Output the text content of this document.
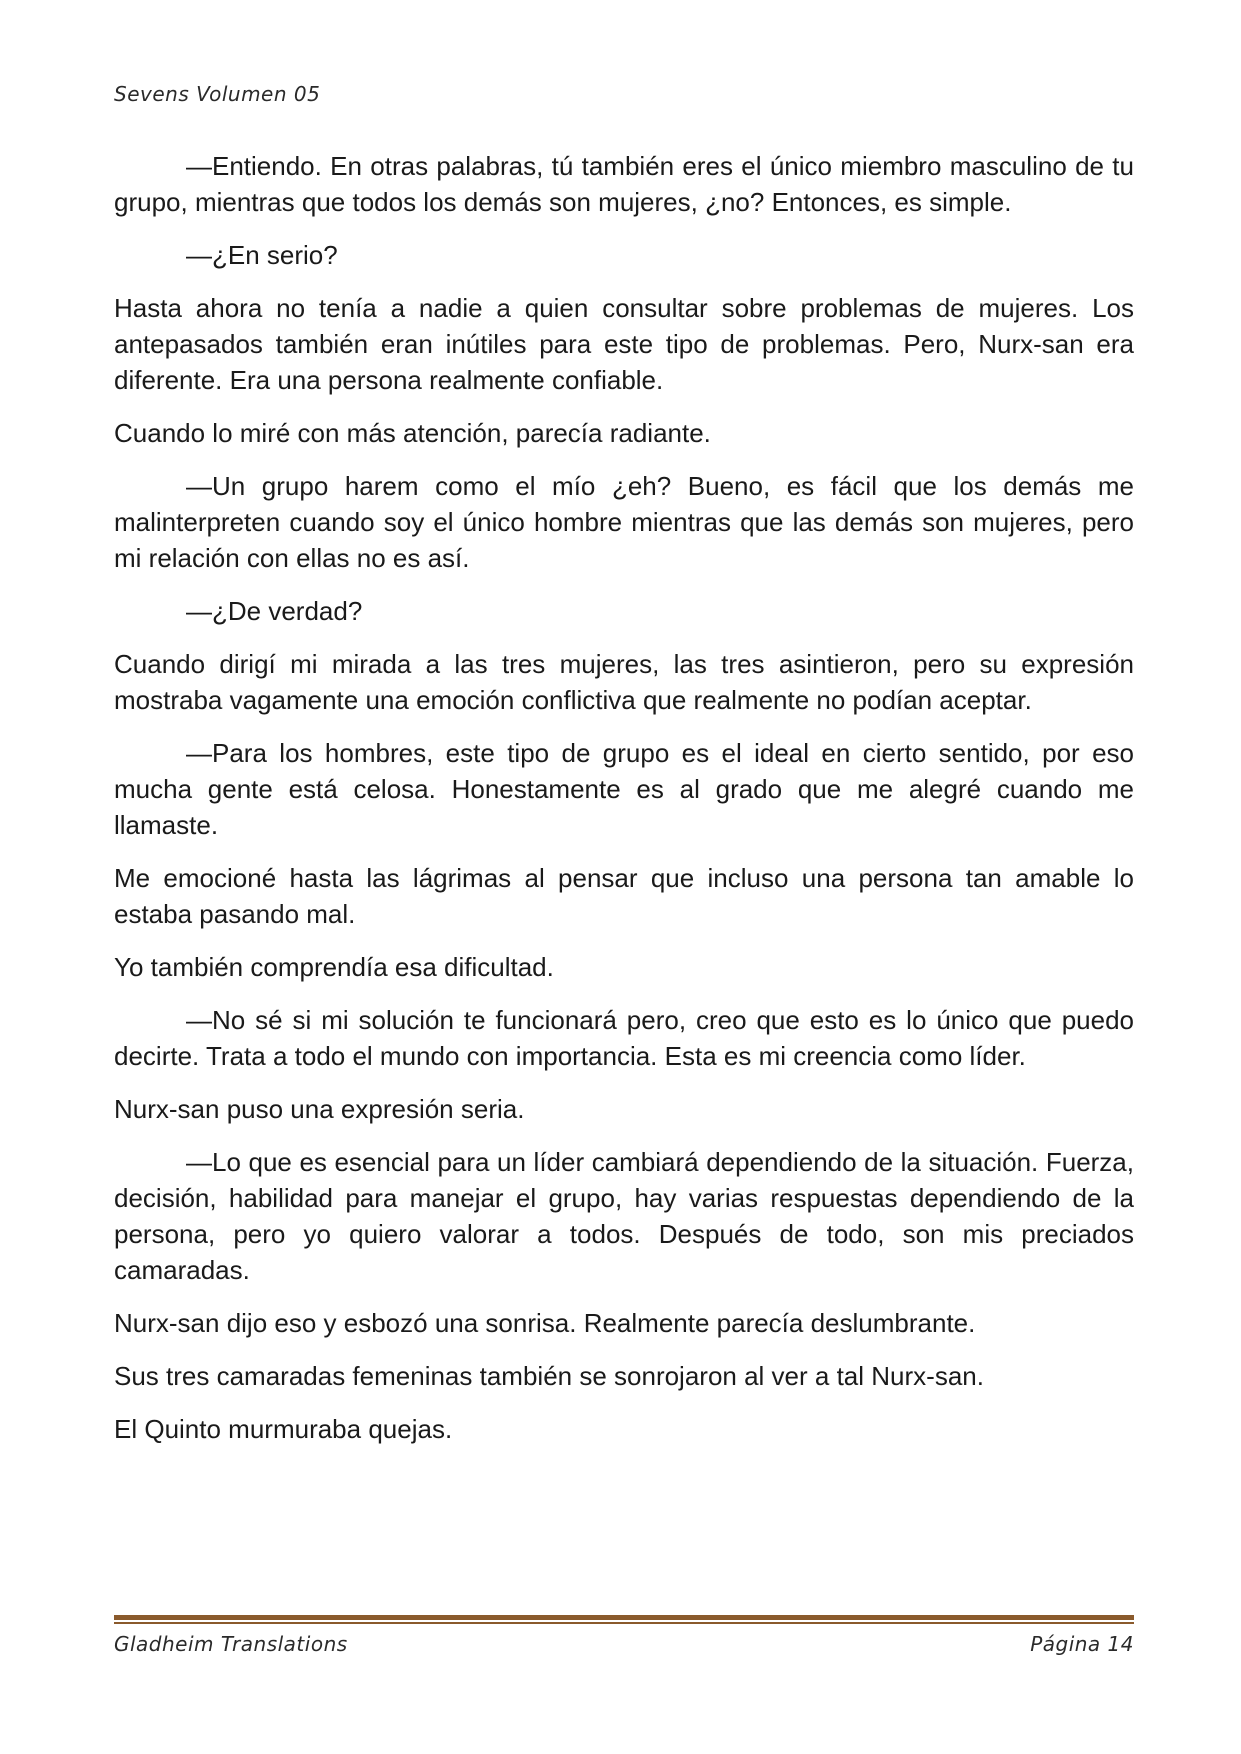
Sevens Volumen 05

—Entiendo. En otras palabras, tú también eres el único miembro masculino de tu grupo, mientras que todos los demás son mujeres, ¿no? Entonces, es simple.

—¿En serio?

Hasta ahora no tenía a nadie a quien consultar sobre problemas de mujeres. Los antepasados también eran inútiles para este tipo de problemas. Pero, Nurx-san era diferente. Era una persona realmente confiable.

Cuando lo miré con más atención, parecía radiante.

—Un grupo harem como el mío ¿eh? Bueno, es fácil que los demás me malinterpreten cuando soy el único hombre mientras que las demás son mujeres, pero mi relación con ellas no es así.

—¿De verdad?

Cuando dirigí mi mirada a las tres mujeres, las tres asintieron, pero su expresión mostraba vagamente una emoción conflictiva que realmente no podían aceptar.

—Para los hombres, este tipo de grupo es el ideal en cierto sentido, por eso mucha gente está celosa. Honestamente es al grado que me alegré cuando me llamaste.

Me emocioné hasta las lágrimas al pensar que incluso una persona tan amable lo estaba pasando mal.

Yo también comprendía esa dificultad.

—No sé si mi solución te funcionará pero, creo que esto es lo único que puedo decirte. Trata a todo el mundo con importancia. Esta es mi creencia como líder.

Nurx-san puso una expresión seria.

—Lo que es esencial para un líder cambiará dependiendo de la situación. Fuerza, decisión, habilidad para manejar el grupo, hay varias respuestas dependiendo de la persona, pero yo quiero valorar a todos. Después de todo, son mis preciados camaradas.

Nurx-san dijo eso y esbozó una sonrisa. Realmente parecía deslumbrante.

Sus tres camaradas femeninas también se sonrojaron al ver a tal Nurx-san.

El Quinto murmuraba quejas.

Gladheim Translations	Página 14
